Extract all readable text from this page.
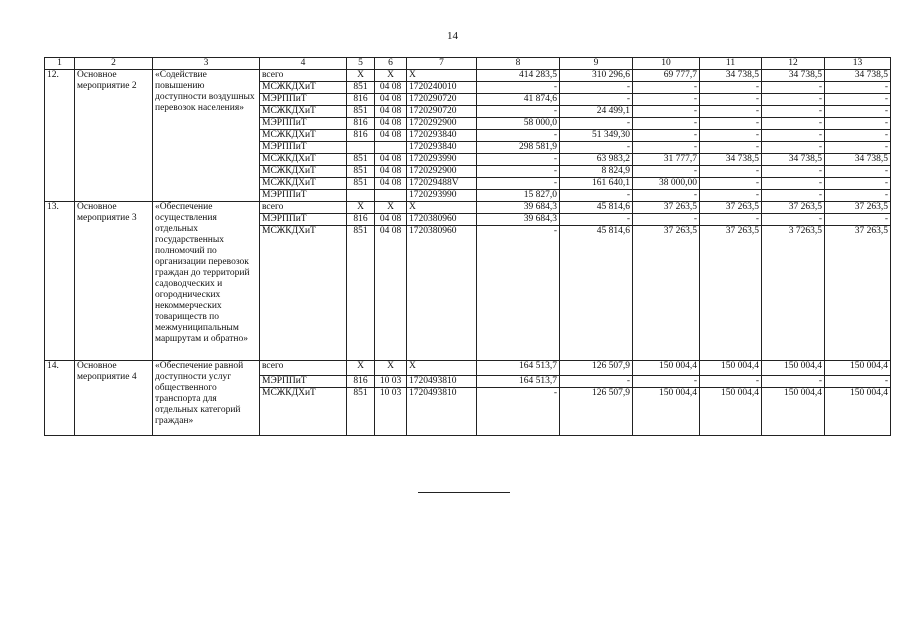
14
1	2	3	4	5	6	7	8	9	10	11	12	13
12.	Основное мероприятие 2	«Содействие повышению доступности воздушных перевозок населения»	всего	X	X	X	414 283,5	310 296,6	69 777,7	34 738,5	34 738,5	34 738,5
			МСЖКДХиТ	851	04 08	1720240010	-	-	-	-	-	-
			МЭРППиТ	816	04 08	1720290720	41 874,6	-	-	-	-	-
			МСЖКДХиТ	851	04 08	1720290720	-	24 499,1	-	-	-	-
			МЭРППиТ	816	04 08	1720292900	58 000,0	-	-	-	-	-
			МСЖКДХиТ	816	04 08	1720293840	-	51 349,30	-	-	-	-
			МЭРППиТ			1720293840	298 581,9	-	-	-	-	-
			МСЖКДХиТ	851	04 08	1720293990	-	63 983,2	31 777,7	34 738,5	34 738,5	34 738,5
			МСЖКДХиТ	851	04 08	1720292900	-	8 824,9	-	-	-	-
			МСЖКДХиТ	851	04 08	172029488V	-	161 640,1	38 000,00	-	-	-
			МЭРППиТ			1720293990	15 827,0	-	-	-	-	-
13.	Основное мероприятие 3	«Обеспечение осуществления отдельных государственных полномочий по организации перевозок граждан до территорий садоводческих и огороднических некоммерческих товариществ по межмуниципальным маршрутам и обратно»	всего	X	X	X	39 684,3	45 814,6	37 263,5	37 263,5	37 263,5	37 263,5
			МЭРППиТ	816	04 08	1720380960	39 684,3	-	-	-	-	-
			МСЖКДХиТ	851	04 08	1720380960	-	45 814,6	37 263,5	37 263,5	3 7263,5	37 263,5
14.	Основное мероприятие 4	«Обеспечение равной доступности услуг общественного транспорта для отдельных категорий граждан»	всего	X	X	X	164 513,7	126 507,9	150 004,4	150 004,4	150 004,4	150 004,4
			МЭРППиТ	816	10 03	1720493810	164 513,7	-	-	-	-	-
			МСЖКДХиТ	851	10 03	1720493810	-	126 507,9	150 004,4	150 004,4	150 004,4	150 004,4
